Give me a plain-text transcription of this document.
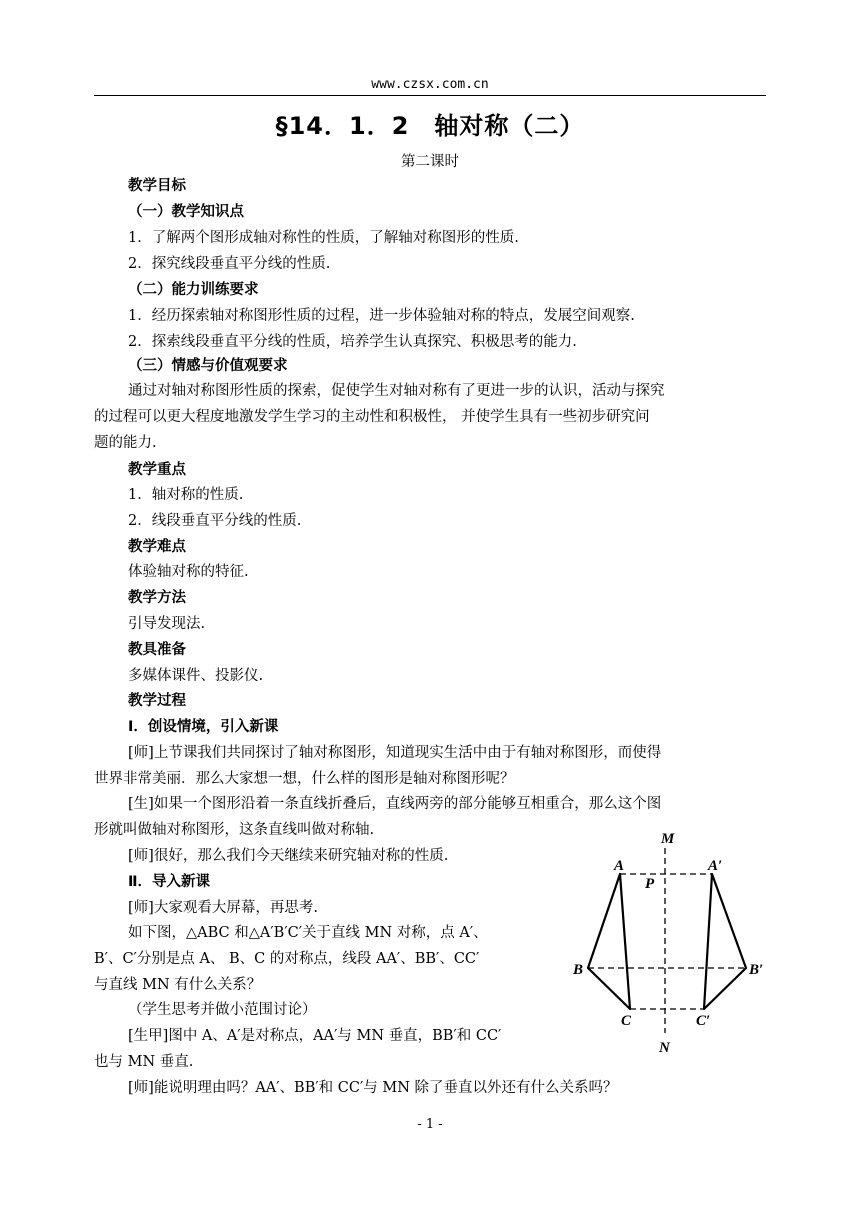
www.czsx.com.cn
§14．1．2　轴对称（二）
第二课时
教学目标
（一）教学知识点
1．了解两个图形成轴对称性的性质，了解轴对称图形的性质.
2．探究线段垂直平分线的性质.
（二）能力训练要求
1．经历探索轴对称图形性质的过程，进一步体验轴对称的特点，发展空间观察.
2．探索线段垂直平分线的性质，培养学生认真探究、积极思考的能力.
（三）情感与价值观要求
通过对轴对称图形性质的探索，促使学生对轴对称有了更进一步的认识，活动与探究
的过程可以更大程度地激发学生学习的主动性和积极性， 并使学生具有一些初步研究问
题的能力.
教学重点
1．轴对称的性质.
2．线段垂直平分线的性质.
教学难点
体验轴对称的特征.
教学方法
引导发现法.
教具准备
多媒体课件、投影仪.
教学过程
Ⅰ．创设情境，引入新课
[师]上节课我们共同探讨了轴对称图形，知道现实生活中由于有轴对称图形，而使得
世界非常美丽．那么大家想一想，什么样的图形是轴对称图形呢？
[生]如果一个图形沿着一条直线折叠后，直线两旁的部分能够互相重合，那么这个图
形就叫做轴对称图形，这条直线叫做对称轴.
[师]很好，那么我们今天继续来研究轴对称的性质.
Ⅱ．导入新课
[师]大家观看大屏幕，再思考.
如下图，△ABC 和△A′B′C′关于直线 MN 对称，点 A′、
B′、C′分别是点 A、 B、C 的对称点，线段 AA′、BB′、CC′
与直线 MN 有什么关系？
（学生思考并做小范围讨论）
[生甲]图中 A、A′是对称点，AA′与 MN 垂直，BB′和 CC′
也与 MN 垂直.
[师]能说明理由吗？AA′、BB′和 CC′与 MN 除了垂直以外还有什么关系吗？
M
P
A	A′
B	B′
C	C′
N
- 1 -
